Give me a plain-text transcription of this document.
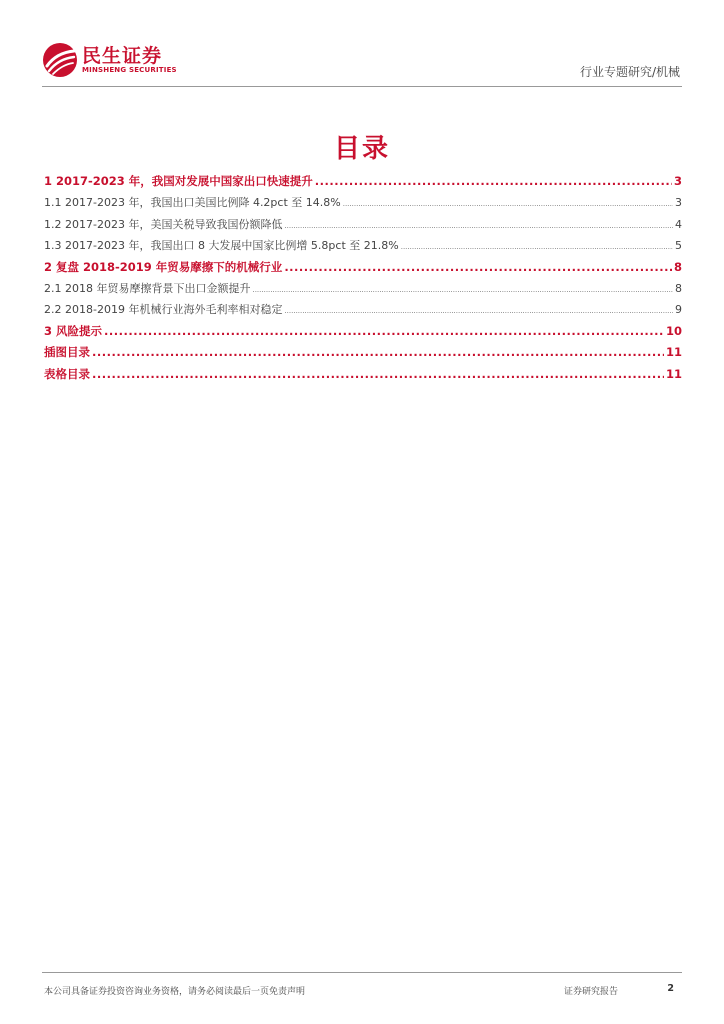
民生证券
MINSHENG SECURITIES	行业专题研究/机械
目录
1 2017-2023 年，我国对发展中国家出口快速提升 .....	3
1.1 2017-2023 年，我国出口美国比例降 4.2pct 至 14.8% .....	3
1.2 2017-2023 年，美国关税导致我国份额降低 .....	4
1.3 2017-2023 年，我国出口 8 大发展中国家比例增 5.8pct 至 21.8% .....	5
2 复盘 2018-2019 年贸易摩擦下的机械行业 .....	8
2.1 2018 年贸易摩擦背景下出口金额提升 .....	8
2.2 2018-2019 年机械行业海外毛利率相对稳定 .....	9
3 风险提示 .....	10
插图目录 .....	11
表格目录 .....	11
本公司具备证券投资咨询业务资格，请务必阅读最后一页免责声明	证券研究报告	2
